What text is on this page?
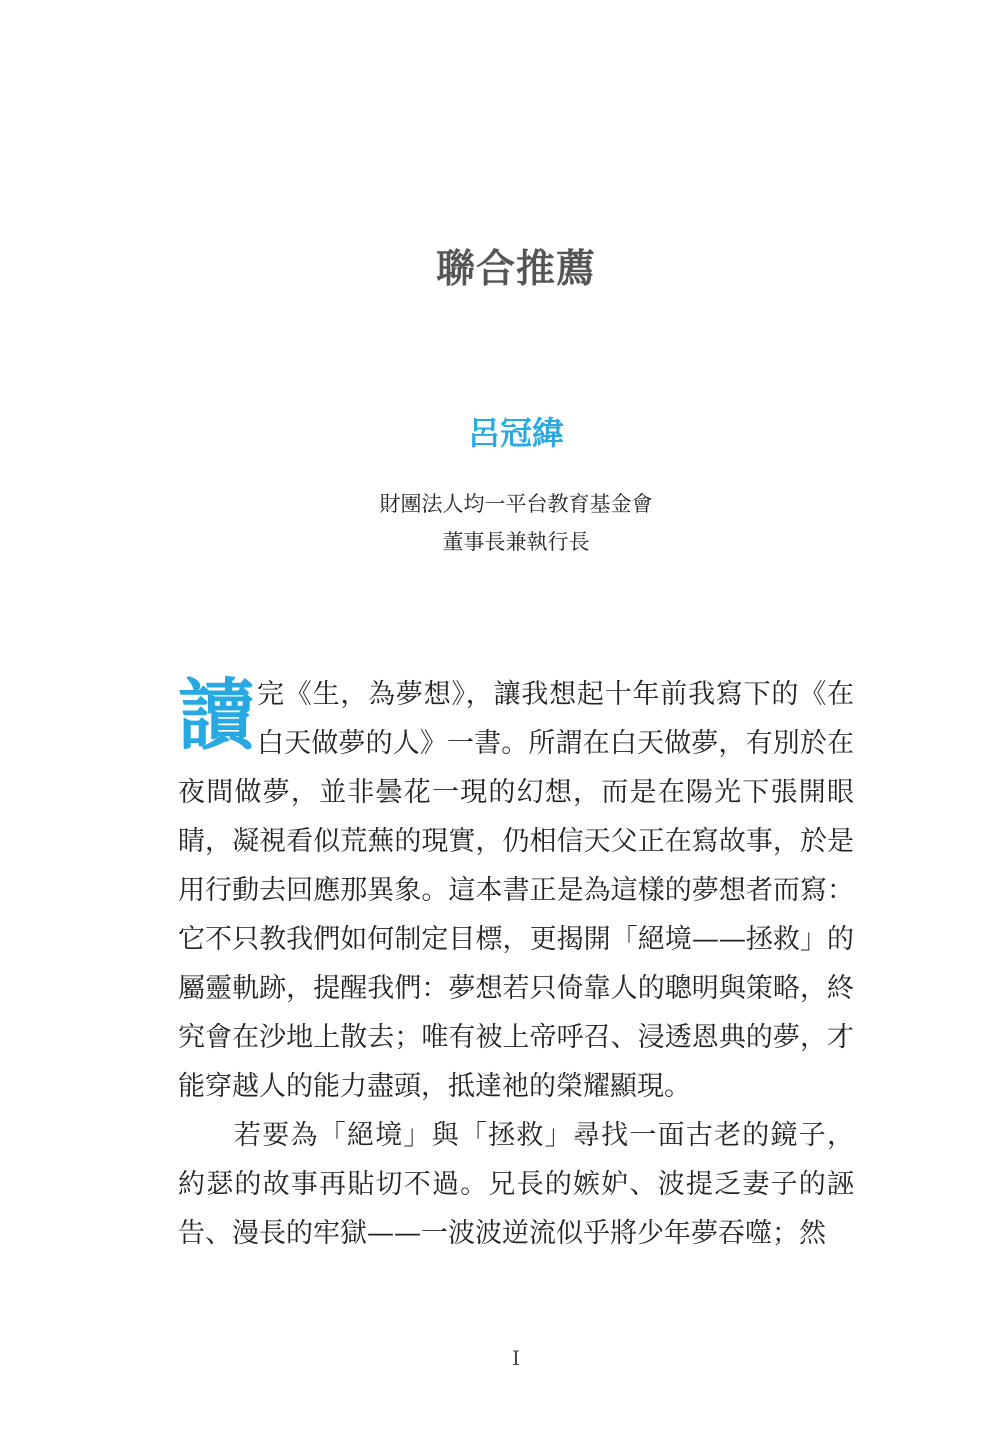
聯合推薦
呂冠緯

財團法人均一平台教育基金會

董事長兼執行長

讀完《生，為夢想》，讓我想起十年前我寫下的《在白天做夢的人》一書。所謂在白天做夢，有別於在夜間做夢，並非曇花一現的幻想，而是在陽光下張開眼睛，凝視看似荒蕪的現實，仍相信天父正在寫故事，於是用行動去回應那異象。這本書正是為這樣的夢想者而寫：它不只教我們如何制定目標，更揭開「絕境——拯救」的屬靈軌跡，提醒我們：夢想若只倚靠人的聰明與策略，終究會在沙地上散去；唯有被上帝呼召、浸透恩典的夢，才能穿越人的能力盡頭，抵達祂的榮耀顯現。

若要為「絕境」與「拯救」尋找一面古老的鏡子，約瑟的故事再貼切不過。兄長的嫉妒、波提乏妻子的誣告、漫長的牢獄——一波波逆流似乎將少年夢吞噬；然

I
